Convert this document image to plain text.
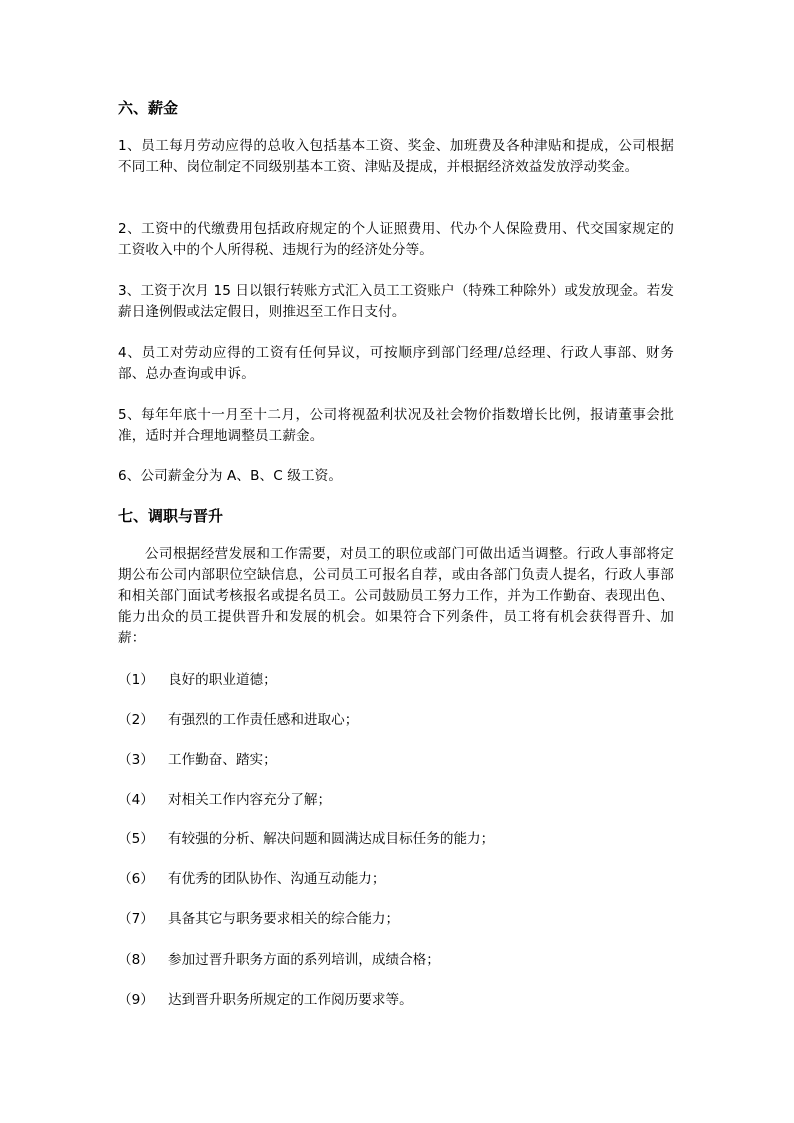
六、薪金
1、员工每月劳动应得的总收入包括基本工资、奖金、加班费及各种津贴和提成，公司根据不同工种、岗位制定不同级别基本工资、津贴及提成，并根据经济效益发放浮动奖金。
2、工资中的代缴费用包括政府规定的个人证照费用、代办个人保险费用、代交国家规定的工资收入中的个人所得税、违规行为的经济处分等。
3、工资于次月 15 日以银行转账方式汇入员工工资账户（特殊工种除外）或发放现金。若发薪日逢例假或法定假日，则推迟至工作日支付。
4、员工对劳动应得的工资有任何异议，可按顺序到部门经理/总经理、行政人事部、财务部、总办查询或申诉。
5、每年年底十一月至十二月，公司将视盈利状况及社会物价指数增长比例，报请董事会批准，适时并合理地调整员工薪金。
6、公司薪金分为 A、B、C 级工资。
七、调职与晋升
公司根据经营发展和工作需要，对员工的职位或部门可做出适当调整。行政人事部将定期公布公司内部职位空缺信息，公司员工可报名自荐，或由各部门负责人提名，行政人事部和相关部门面试考核报名或提名员工。公司鼓励员工努力工作，并为工作勤奋、表现出色、能力出众的员工提供晋升和发展的机会。如果符合下列条件，员工将有机会获得晋升、加薪：
（1） 良好的职业道德；
（2） 有强烈的工作责任感和进取心；
（3） 工作勤奋、踏实；
（4） 对相关工作内容充分了解；
（5） 有较强的分析、解决问题和圆满达成目标任务的能力；
（6） 有优秀的团队协作、沟通互动能力；
（7） 具备其它与职务要求相关的综合能力；
（8） 参加过晋升职务方面的系列培训，成绩合格；
（9） 达到晋升职务所规定的工作阅历要求等。
